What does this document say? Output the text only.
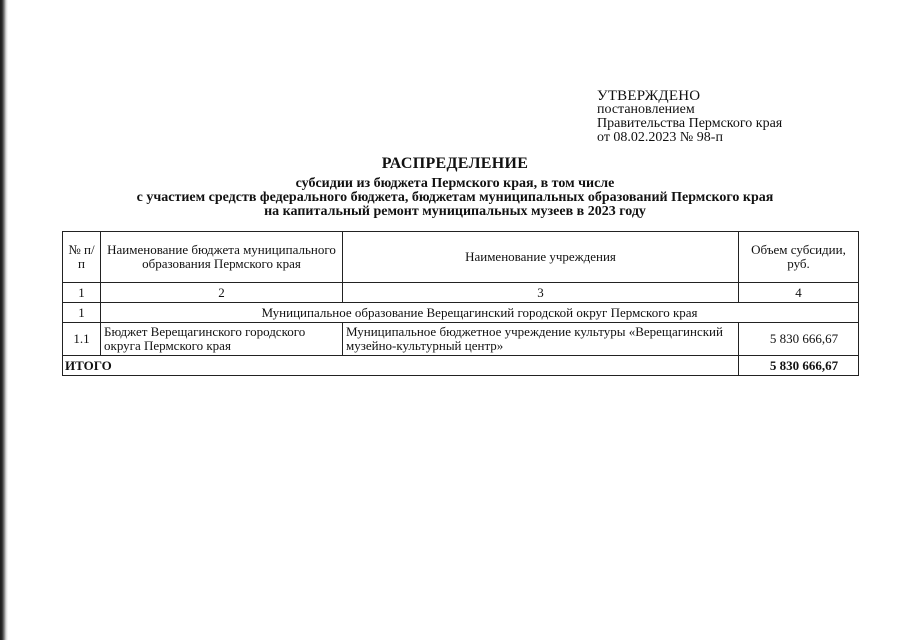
УТВЕРЖДЕНО
постановлением
Правительства Пермского края
от 08.02.2023 № 98-п
РАСПРЕДЕЛЕНИЕ
субсидии из бюджета Пермского края, в том числе
с участием средств федерального бюджета, бюджетам муниципальных образований Пермского края
на капитальный ремонт муниципальных музеев в 2023 году
№ п/п	Наименование бюджета муниципального образования Пермского края	Наименование учреждения	Объем субсидии, руб.
1	2	3	4
1	Муниципальное образование Верещагинский городской округ Пермского края		
1.1	Бюджет Верещагинского городского округа Пермского края	Муниципальное бюджетное учреждение культуры «Верещагинский музейно-культурный центр»	5 830 666,67
ИТОГО			5 830 666,67
